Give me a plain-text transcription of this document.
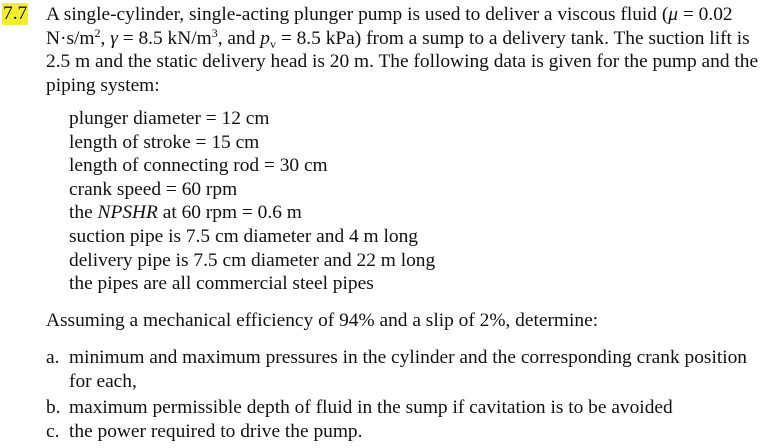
7.7 A single-cylinder, single-acting plunger pump is used to deliver a viscous fluid (μ = 0.02
$N\cdot s/m^2$, γ = 8.5 $kN/m^3$, and $p_v = 8.5$ kPa) from a sump to a delivery tank. The suction lift is
2.5 m and the static delivery head is 20 m. The following data is given for the pump and the
piping system:
plunger diameter = 12 cm
length of stroke = 15 cm
length of connecting rod = 30 cm
crank speed = 60 rpm
the NPSHR at 60 rpm = 0.6 m
suction pipe is 7.5 cm diameter and 4 m long
delivery pipe is 7.5 cm diameter and 22 m long
the pipes are all commercial steel pipes
Assuming a mechanical efficiency of 94% and a slip of 2%, determine:
a. minimum and maximum pressures in the cylinder and the corresponding crank position
for each,
b. maximum permissible depth of fluid in the sump if cavitation is to be avoided
c. the power required to drive the pump.
